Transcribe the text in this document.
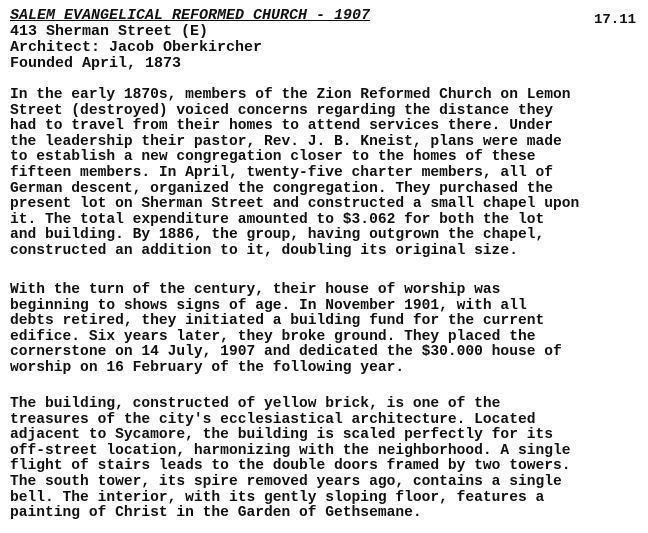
SALEM EVANGELICAL REFORMED CHURCH - 1907	17.11
413 Sherman Street (E)
Architect: Jacob Oberkircher
Founded April, 1873

In the early 1870s, members of the Zion Reformed Church on Lemon
Street (destroyed) voiced concerns regarding the distance they
had to travel from their homes to attend services there. Under
the leadership their pastor, Rev. J. B. Kneist, plans were made
to establish a new congregation closer to the homes of these
fifteen members. In April, twenty-five charter members, all of
German descent, organized the congregation. They purchased the
present lot on Sherman Street and constructed a small chapel upon
it. The total expenditure amounted to $3.062 for both the lot
and building. By 1886, the group, having outgrown the chapel,
constructed an addition to it, doubling its original size.

With the turn of the century, their house of worship was
beginning to shows signs of age. In November 1901, with all
debts retired, they initiated a building fund for the current
edifice. Six years later, they broke ground. They placed the
cornerstone on 14 July, 1907 and dedicated the $30.000 house of
worship on 16 February of the following year.

The building, constructed of yellow brick, is one of the
treasures of the city's ecclesiastical architecture. Located
adjacent to Sycamore, the building is scaled perfectly for its
off-street location, harmonizing with the neighborhood. A single
flight of stairs leads to the double doors framed by two towers.
The south tower, its spire removed years ago, contains a single
bell. The interior, with its gently sloping floor, features a
painting of Christ in the Garden of Gethsemane.
